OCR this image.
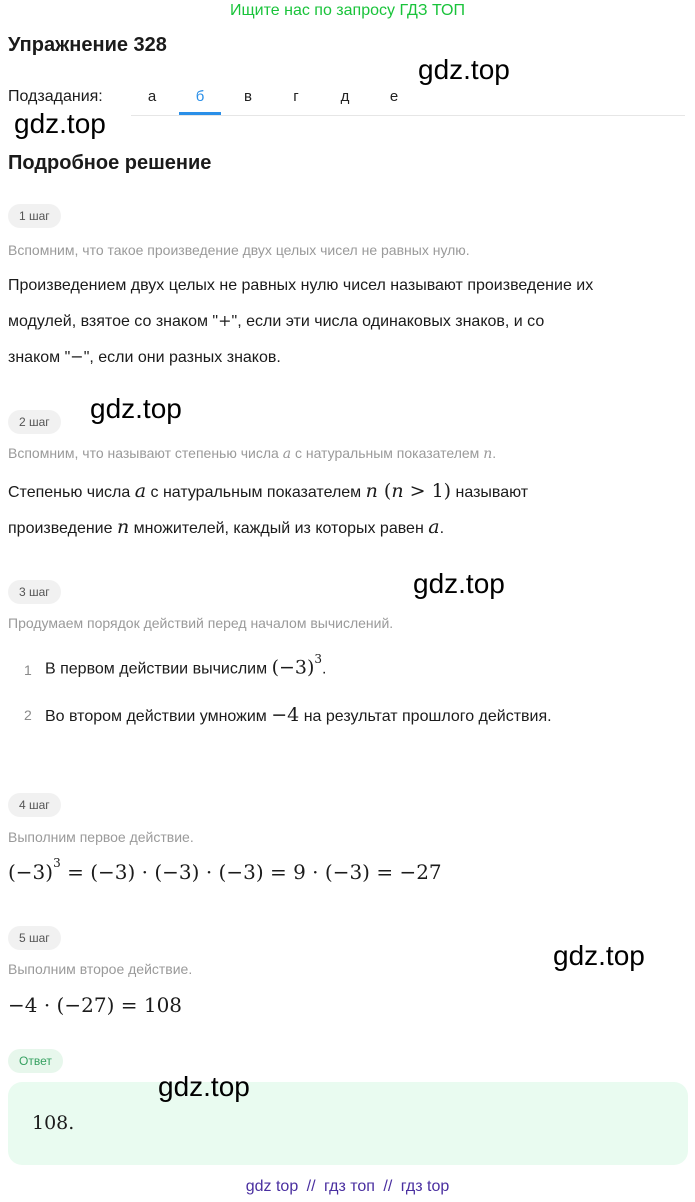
Ищите нас по запросу ГДЗ ТОП
Упражнение 328
Подзадания:	а	б	в	г	д	е
gdz.top
gdz.top
gdz.top
gdz.top
gdz.top
gdz.top
Подробное решение
1 шаг
Вспомним, что такое произведение двух целых чисел не равных нулю.
Произведением двух целых не равных нулю чисел называют произведение их
модулей, взятое со знаком "+", если эти числа одинаковых знаков, и со
знаком "−", если они разных знаков.
2 шаг
Вспомним, что называют степенью числа a с натуральным показателем n.
Степенью числа a с натуральным показателем n (n > 1) называют
произведение n множителей, каждый из которых равен a.
3 шаг
Продумаем порядок действий перед началом вычислений.
1 В первом действии вычислим $(-3)^3$.
2 Во втором действии умножим −4 на результат прошлого действия.
4 шаг
Выполним первое действие.
$(-3)^3 = (-3) \cdot (-3) \cdot (-3) = 9 \cdot (-3) = -27$
5 шаг
Выполним второе действие.
−4 · (−27) = 108
Ответ
108.
gdz top // гдз топ // гдз top
